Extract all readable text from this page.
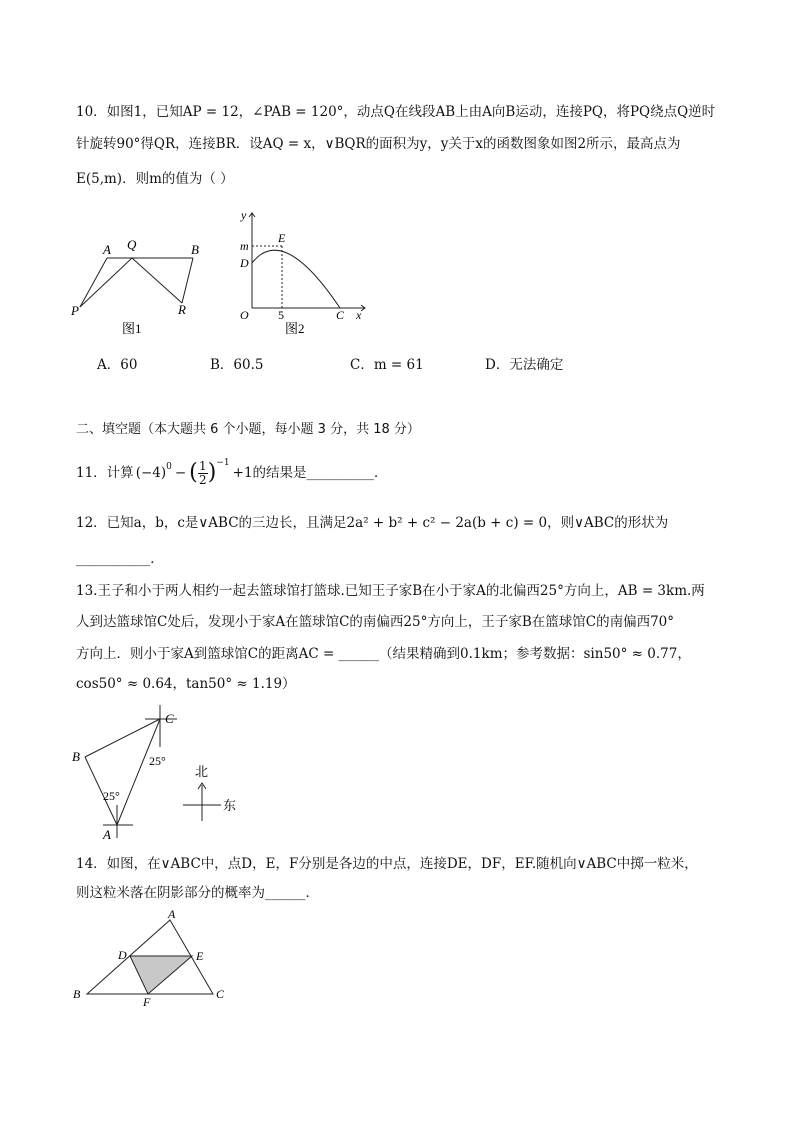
10．如图1，已知AP = 12，∠PAB = 120°，动点Q在线段AB上由A向B运动，连接PQ，将PQ绕点Q逆时
针旋转90°得QR，连接BR．设AQ = x，∨BQR的面积为y，y关于x的函数图象如图2所示，最高点为
E(5,m)．则m的值为（ ）
A Q	B
P	R
图1
y
m
E
D
O 5	C x
图2
A．60	B．60.5	C．m = 61	D．无法确定
二、填空题（本大题共 6 个小题，每小题 3 分，共 18 分）
11．计算 $(-4)^0$ − ( 1
2 )$^{-1}$
+1 的结果是__________．
12．已知a，b，c是∨ABC的三边长，且满足2a² + b² + c² − 2a(b + c) = 0，则∨ABC的形状为
___________．
13.王子和小于两人相约一起去篮球馆打篮球.已知王子家B在小于家A的北偏西25°方向上，AB = 3km.两
人到达篮球馆C处后，发现小于家A在篮球馆C的南偏西25°方向上，王子家B在篮球馆C的南偏西70°
方向上．则小于家A到篮球馆C的距离AC = ______（结果精确到0.1km；参考数据：sin50° ≈ 0.77，
cos50° ≈ 0.64，tan50° ≈ 1.19）
C
B
A
25°
25°
北
东
14．如图，在∨ABC中，点D，E，F分别是各边的中点，连接DE，DF，EF.随机向∨ABC中掷一粒米，
则这粒米落在阴影部分的概率为______．
A
D	E
B
F
C
